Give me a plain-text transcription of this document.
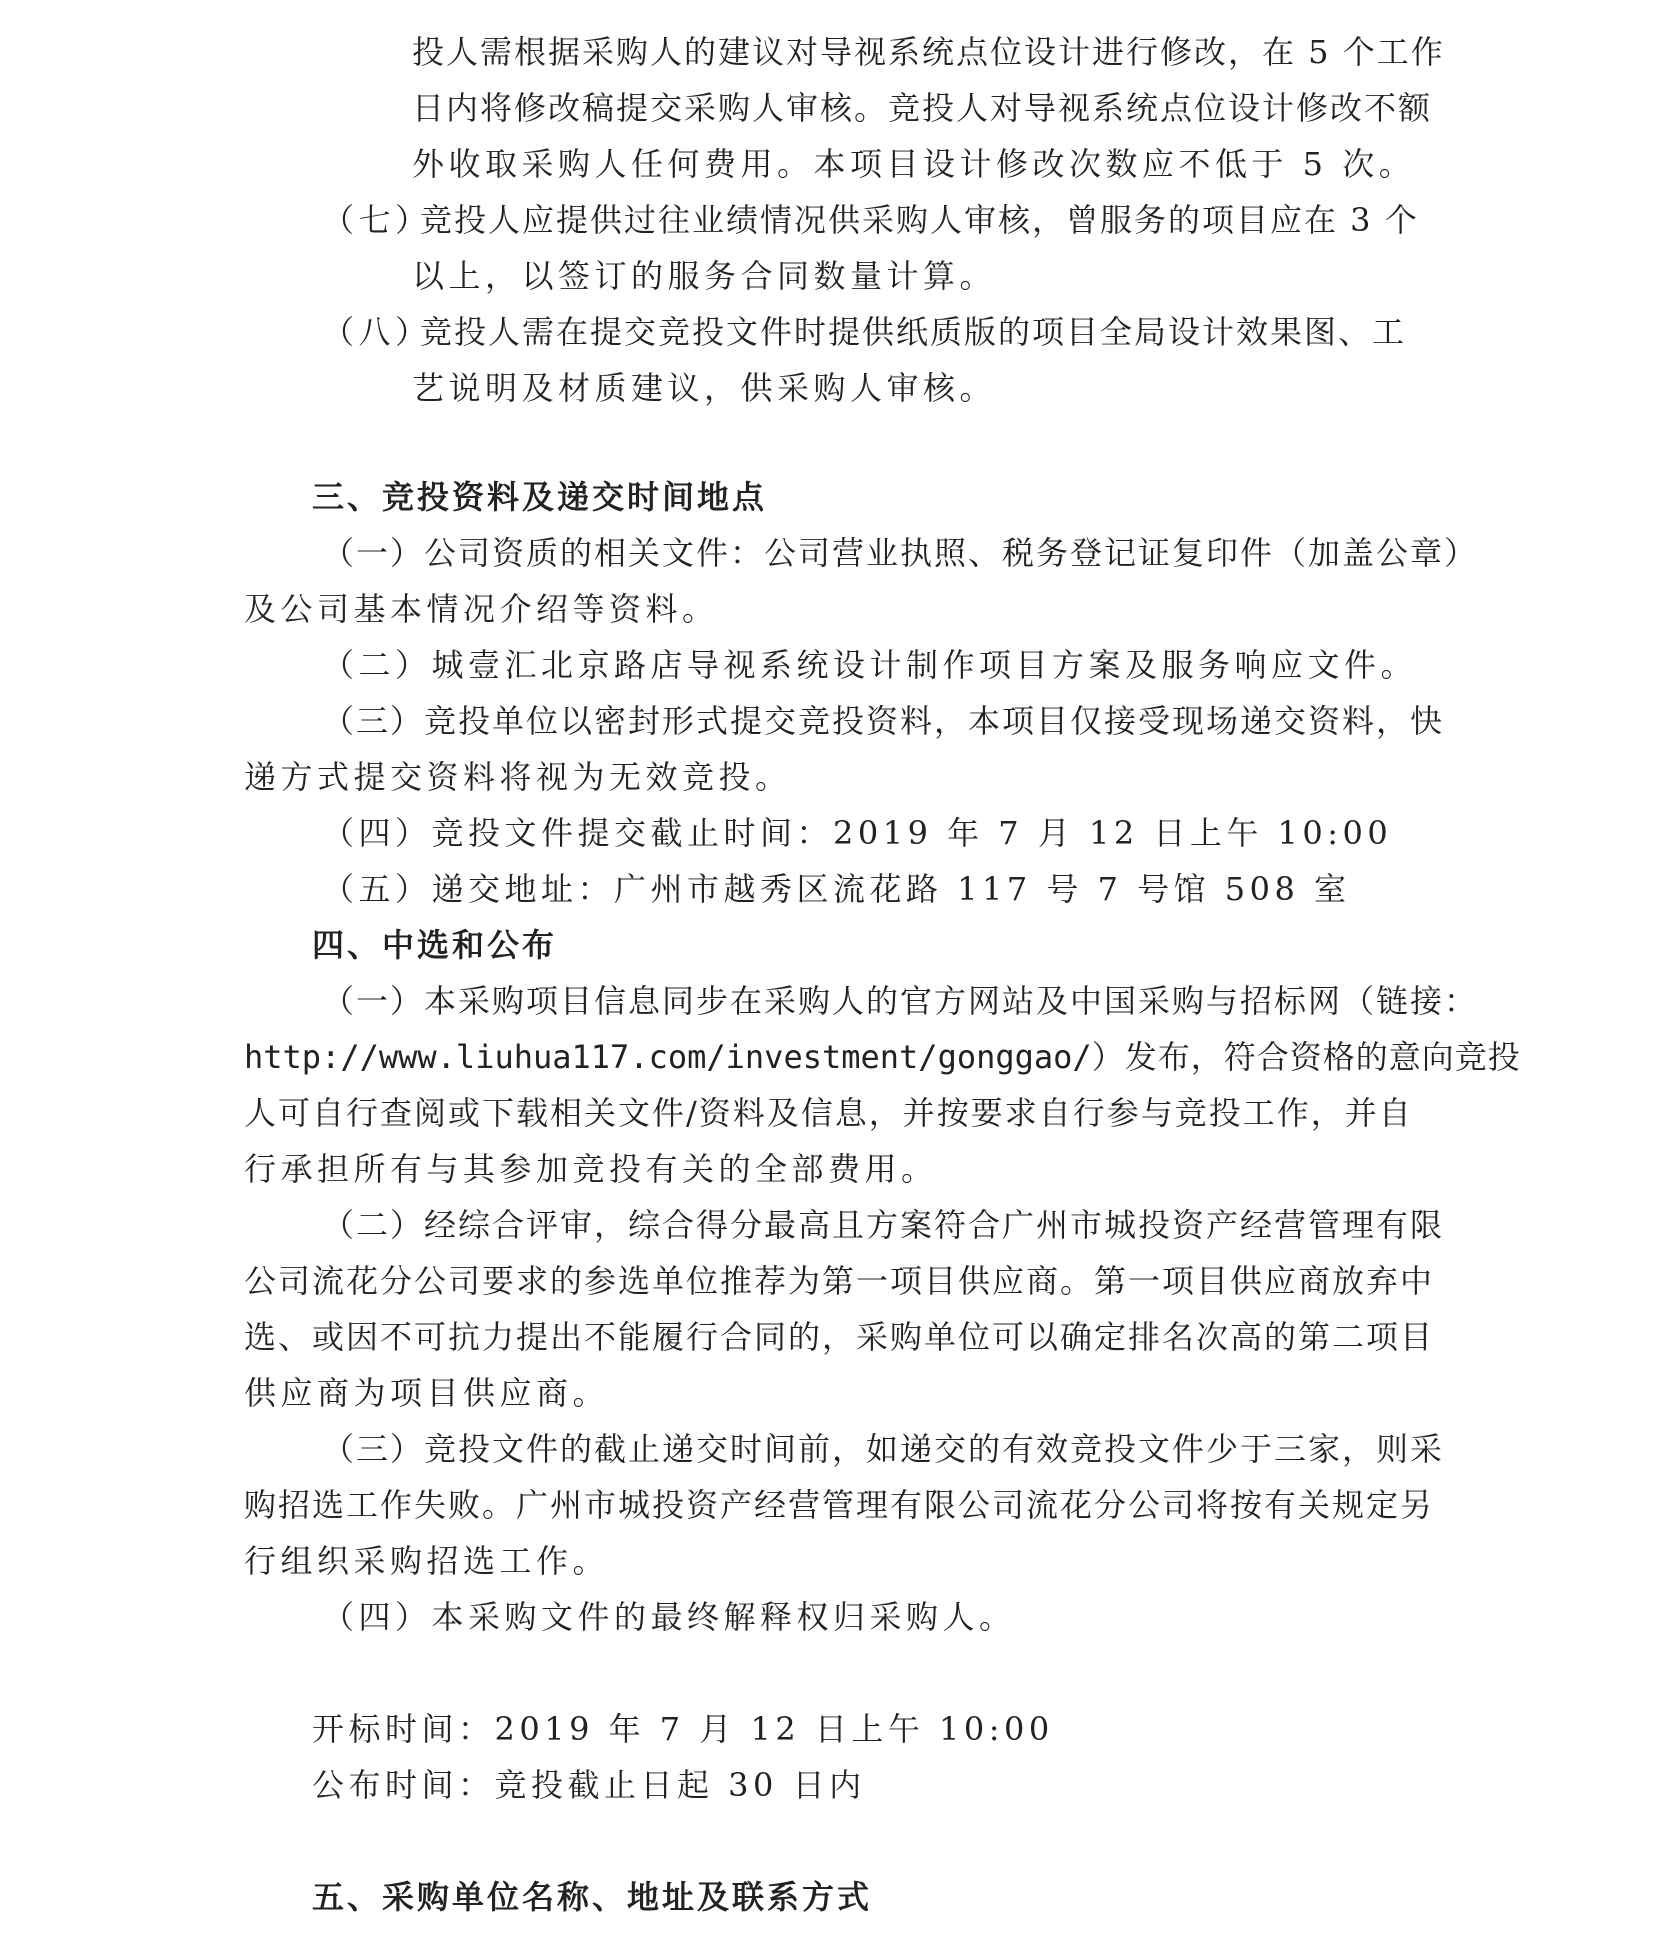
投人需根据采购人的建议对导视系统点位设计进行修改，在 5 个工作
日内将修改稿提交采购人审核。竞投人对导视系统点位设计修改不额
外收取采购人任何费用。本项目设计修改次数应不低于 5 次。
（七）
竞投人应提供过往业绩情况供采购人审核，曾服务的项目应在 3 个
以上，以签订的服务合同数量计算。
（八）
竞投人需在提交竞投文件时提供纸质版的项目全局设计效果图、工
艺说明及材质建议，供采购人审核。
三、竞投资料及递交时间地点
（一）公司资质的相关文件：公司营业执照、税务登记证复印件（加盖公章）
及公司基本情况介绍等资料。
（二）城壹汇北京路店导视系统设计制作项目方案及服务响应文件。
（三）竞投单位以密封形式提交竞投资料，本项目仅接受现场递交资料，快
递方式提交资料将视为无效竞投。
（四）竞投文件提交截止时间：2019 年 7 月 12 日上午 10:00
（五）递交地址：广州市越秀区流花路 117 号 7 号馆 508 室
四、中选和公布
（一）本采购项目信息同步在采购人的官方网站及中国采购与招标网（链接：
http://www.liuhua117.com/investment/gonggao/）发布，符合资格的意向竞投
人可自行查阅或下载相关文件/资料及信息，并按要求自行参与竞投工作，并自
行承担所有与其参加竞投有关的全部费用。
（二）经综合评审，综合得分最高且方案符合广州市城投资产经营管理有限
公司流花分公司要求的参选单位推荐为第一项目供应商。第一项目供应商放弃中
选、或因不可抗力提出不能履行合同的，采购单位可以确定排名次高的第二项目
供应商为项目供应商。
（三）竞投文件的截止递交时间前，如递交的有效竞投文件少于三家，则采
购招选工作失败。广州市城投资产经营管理有限公司流花分公司将按有关规定另
行组织采购招选工作。
（四）本采购文件的最终解释权归采购人。
开标时间：2019 年 7 月 12 日上午 10:00
公布时间：竞投截止日起 30 日内
五、采购单位名称、地址及联系方式
